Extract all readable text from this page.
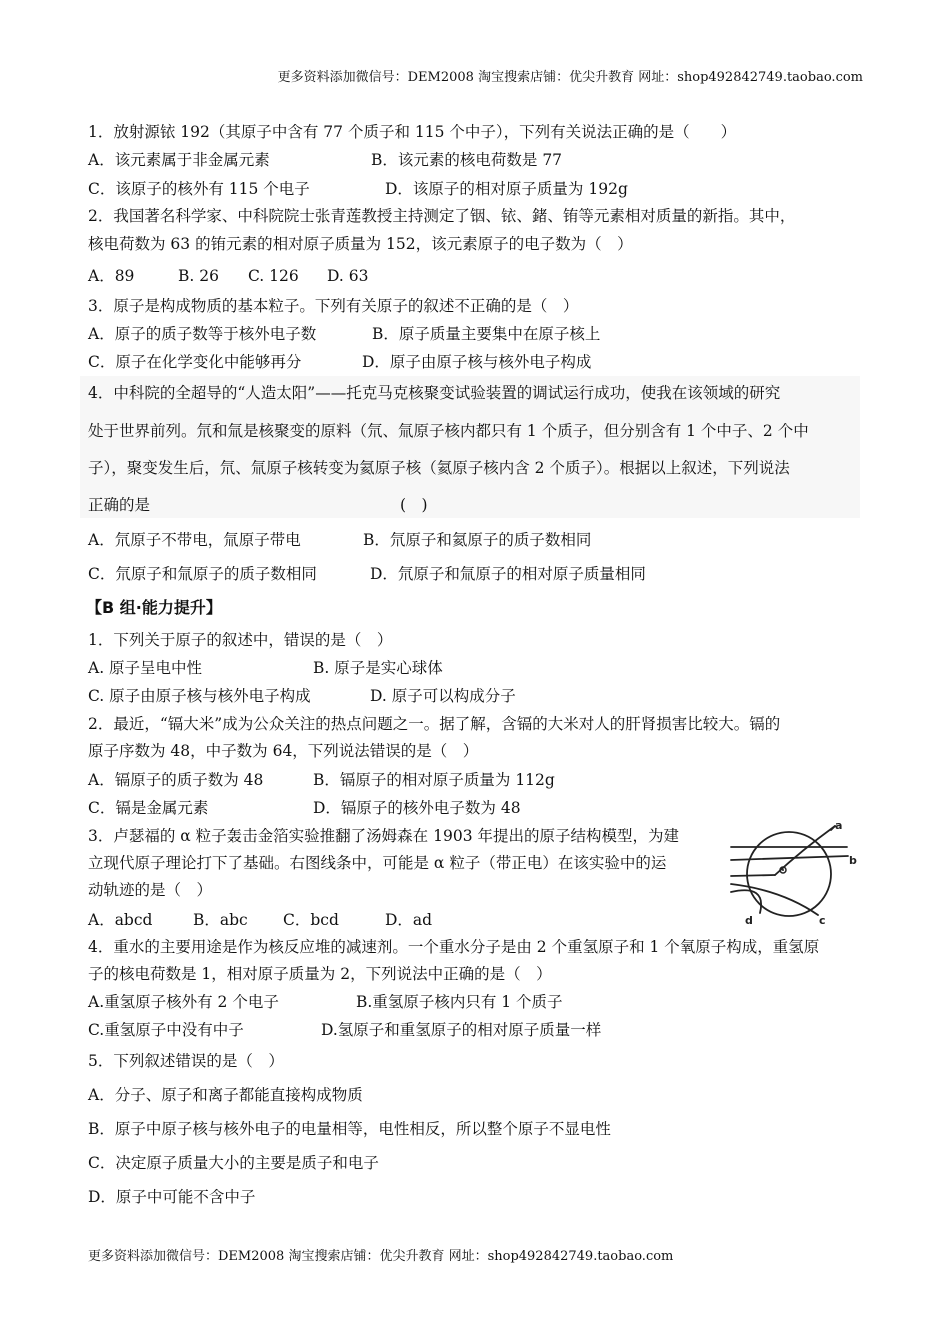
更多资料添加微信号：DEM2008 淘宝搜索店铺：优尖升教育 网址：shop492842749.taobao.com
1．放射源铱 192（其原子中含有 77 个质子和 115 个中子），下列有关说法正确的是（　　）
A．该元素属于非金属元素	B．该元素的核电荷数是 77
C．该原子的核外有 115 个电子	D．该原子的相对原子质量为 192g
2．我国著名科学家、中科院院士张青莲教授主持测定了铟、铱、鍺、铕等元素相对质量的新指。其中，
核电荷数为 63 的铕元素的相对原子质量为 152，该元素原子的电子数为（　）
A．89	B. 26 C. 126 D. 63
3．原子是构成物质的基本粒子。下列有关原子的叙述不正确的是（　）
A．原子的质子数等于核外电子数	B．原子质量主要集中在原子核上
C．原子在化学变化中能够再分	D．原子由原子核与核外电子构成
4．中科院的全超导的“人造太阳”——托克马克核聚变试验装置的调试运行成功，使我在该领域的研究
处于世界前列。氘和氚是核聚变的原料（氘、氚原子核内都只有 1 个质子，但分别含有 1 个中子、2 个中
子），聚变发生后，氘、氚原子核转变为氦原子核（氦原子核内含 2 个质子）。根据以上叙述，下列说法
正确的是	(　)
A．氘原子不带电，氚原子带电	B．氘原子和氦原子的质子数相同
C．氘原子和氚原子的质子数相同	D．氘原子和氚原子的相对原子质量相同
【B 组·能力提升】
1．下列关于原子的叙述中，错误的是（　）
A. 原子呈电中性	B. 原子是实心球体
C. 原子由原子核与核外电子构成	D. 原子可以构成分子
2．最近，“镉大米”成为公众关注的热点问题之一。据了解，含镉的大米对人的肝肾损害比较大。镉的
原子序数为 48，中子数为 64，下列说法错误的是（　）
A．镉原子的质子数为 48	B．镉原子的相对原子质量为 112g
C．镉是金属元素	D．镉原子的核外电子数为 48
3．卢瑟福的 α 粒子轰击金箔实验推翻了汤姆森在 1903 年提出的原子结构模型，为建
立现代原子理论打下了基础。右图线条中，可能是 α 粒子（带正电）在该实验中的运
动轨迹的是（　）
A．abcd	B．abc C．bcd	D．ad
a
b
c
d
4．重水的主要用途是作为核反应堆的减速剂。一个重水分子是由 2 个重氢原子和 1 个氧原子构成，重氢原
子的核电荷数是 1，相对原子质量为 2，下列说法中正确的是（　）
A.重氢原子核外有 2 个电子	B.重氢原子核内只有 1 个质子
C.重氢原子中没有中子	D.氢原子和重氢原子的相对原子质量一样
5．下列叙述错误的是（　）
A．分子、原子和离子都能直接构成物质
B．原子中原子核与核外电子的电量相等，电性相反，所以整个原子不显电性
C．决定原子质量大小的主要是质子和电子
D．原子中可能不含中子
更多资料添加微信号：DEM2008 淘宝搜索店铺：优尖升教育 网址：shop492842749.taobao.com
